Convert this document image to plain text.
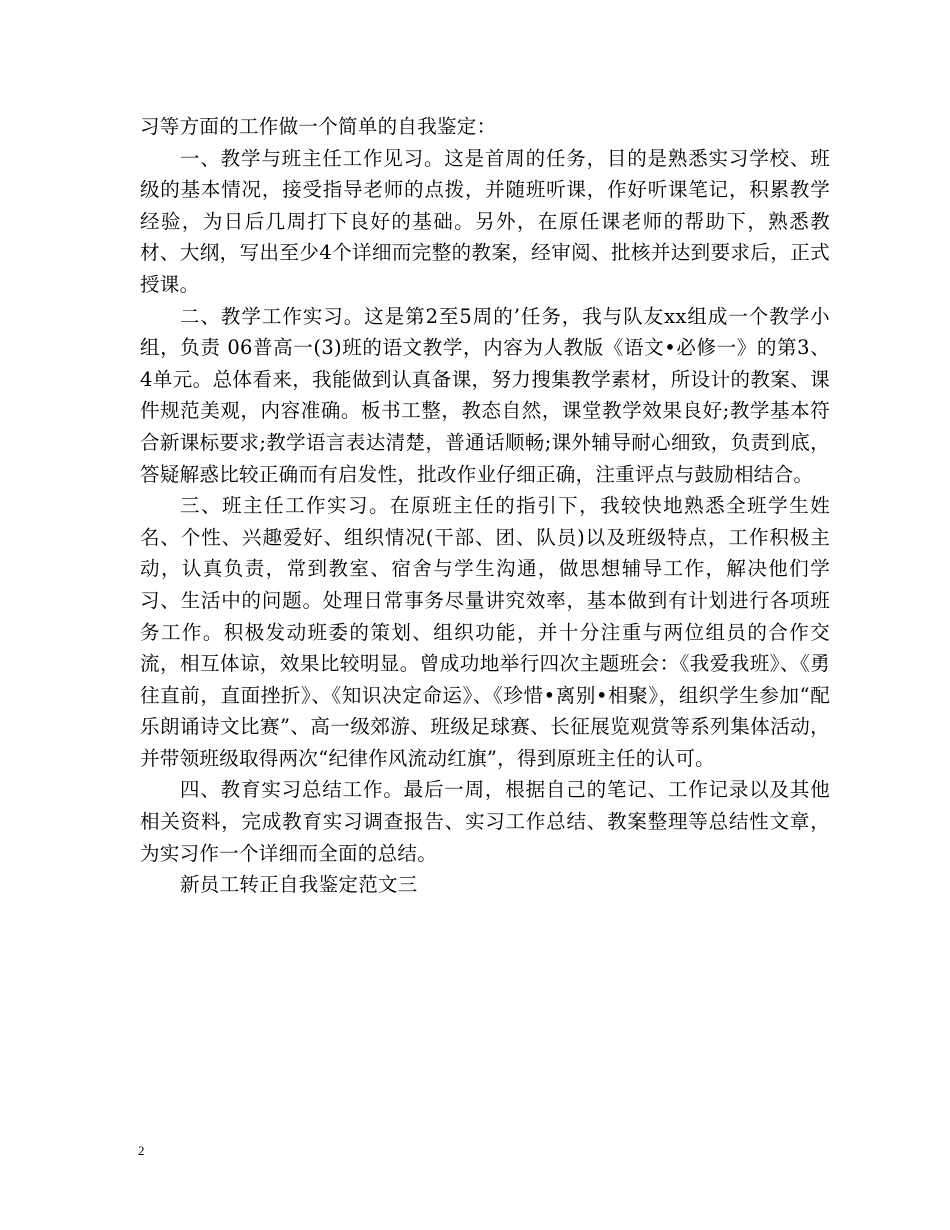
习等方面的工作做一个简单的自我鉴定：

一、教学与班主任工作见习。这是首周的任务，目的是熟悉实习学校、班级的基本情况，接受指导老师的点拨，并随班听课，作好听课笔记，积累教学经验，为日后几周打下良好的基础。另外，在原任课老师的帮助下，熟悉教材、大纲，写出至少4个详细而完整的教案，经审阅、批核并达到要求后，正式授课。

二、教学工作实习。这是第2至5周的’任务，我与队友xx组成一个教学小组，负责 06普高一(3)班的语文教学，内容为人教版《语文•必修一》的第3、4单元。总体看来，我能做到认真备课，努力搜集教学素材，所设计的教案、课件规范美观，内容准确。板书工整，教态自然，课堂教学效果良好;教学基本符合新课标要求;教学语言表达清楚，普通话顺畅;课外辅导耐心细致，负责到底，答疑解惑比较正确而有启发性，批改作业仔细正确，注重评点与鼓励相结合。

三、班主任工作实习。在原班主任的指引下，我较快地熟悉全班学生姓名、个性、兴趣爱好、组织情况(干部、团、队员)以及班级特点，工作积极主动，认真负责，常到教室、宿舍与学生沟通，做思想辅导工作，解决他们学习、生活中的问题。处理日常事务尽量讲究效率，基本做到有计划进行各项班务工作。积极发动班委的策划、组织功能，并十分注重与两位组员的合作交流，相互体谅，效果比较明显。曾成功地举行四次主题班会：《我爱我班》、《勇往直前，直面挫折》、《知识决定命运》、《珍惜•离别•相聚》，组织学生参加“配乐朗诵诗文比赛”、高一级郊游、班级足球赛、长征展览观赏等系列集体活动，并带领班级取得两次“纪律作风流动红旗”，得到原班主任的认可。

四、教育实习总结工作。最后一周，根据自己的笔记、工作记录以及其他相关资料，完成教育实习调查报告、实习工作总结、教案整理等总结性文章，为实习作一个详细而全面的总结。

新员工转正自我鉴定范文三

2
